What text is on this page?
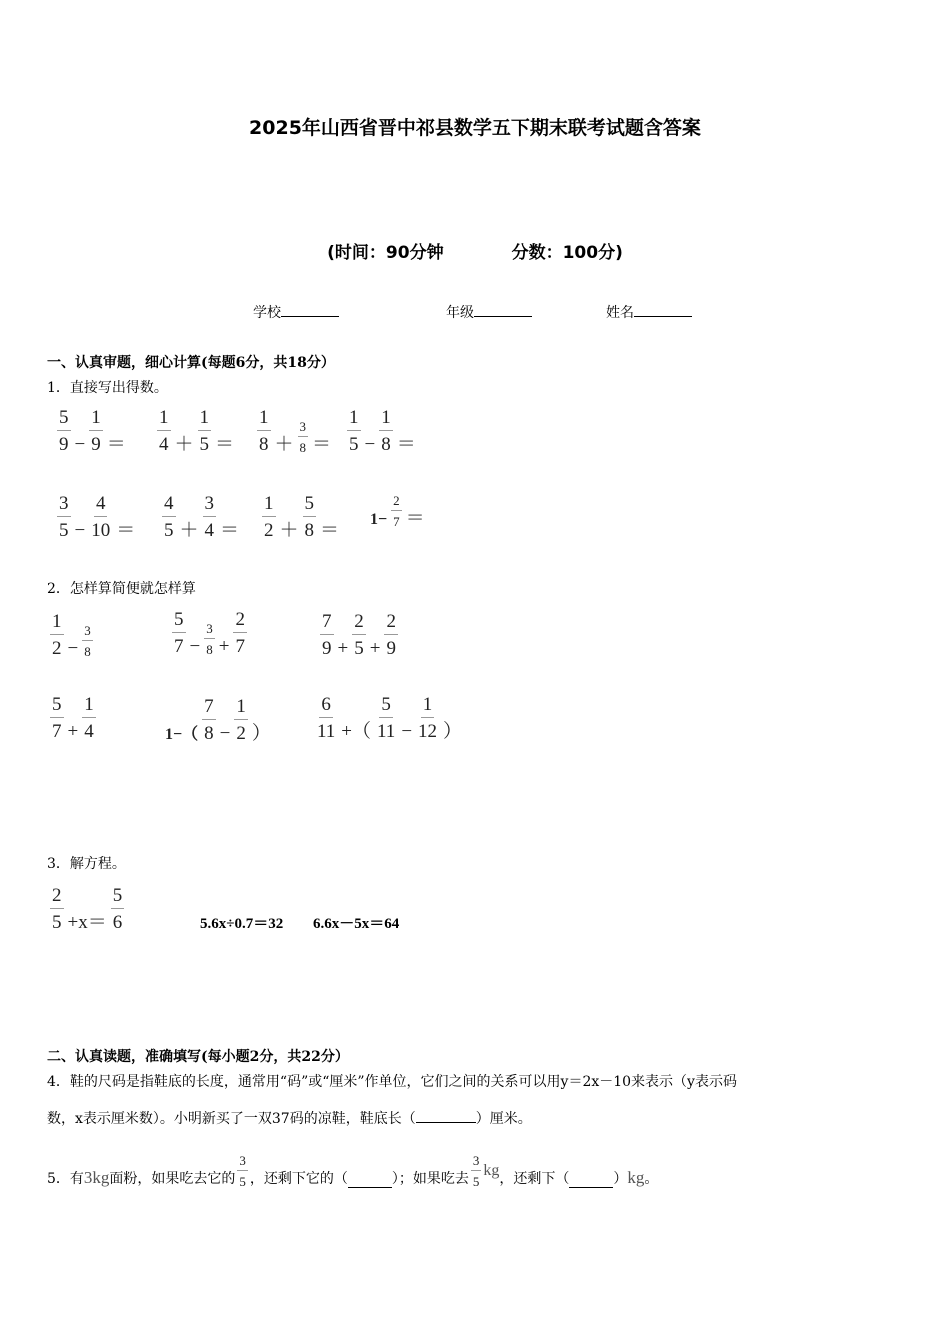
2025年山西省晋中祁县数学五下期末联考试题含答案
(时间：90分钟	分数：100分)
学校	年级	姓名
一、认真审题，细心计算(每题6分，共18分）
1．直接写出得数。
2．怎样算简便就怎样算
3．解方程。
$\frac{5}{9} - \frac{1}{9} = \frac{1}{4} + \frac{1}{5} = \frac{1}{8} + \frac{3}{8} = \frac{1}{5} - \frac{1}{8}$ ＝
$\frac{3}{5} - \frac{4}{10} = \frac{4}{5} + \frac{3}{4} = \frac{1}{2} + \frac{5}{8}$ ＝
$1- \frac{2}{7}$ ＝
$\frac{1}{2} - \frac{3}{8}$	$\frac{5}{7} - \frac{3}{8} + \frac{2}{7}$	$\frac{7}{9} + \frac{2}{5} + \frac{2}{9}$
$\frac{5}{7} + \frac{1}{4}$	$1-( \frac{7}{8} - \frac{1}{2}$ ） $\frac{6}{11}$ +（ $\frac{5}{11} - \frac{1}{12}$ ）
$\frac{2}{5} +x= \frac{5}{6}$	5.6x÷0.7＝32 6.6x－5x＝64
二、认真读题，准确填写(每小题2分，共22分）
4．鞋的尺码是指鞋底的长度，通常用“码”或“厘米”作单位，它们之间的关系可以用y＝2x－10来表示（y表示码
数，x表示厘米数）。小明新买了一双37码的凉鞋，鞋底长（	）厘米。
5．有 3kg 面粉，如果吃去它的 $\frac{3}{5}$ ，还剩下它的（	）；如果吃去 $\frac{3}{5}$ kg ，还剩下（	） kg 。
